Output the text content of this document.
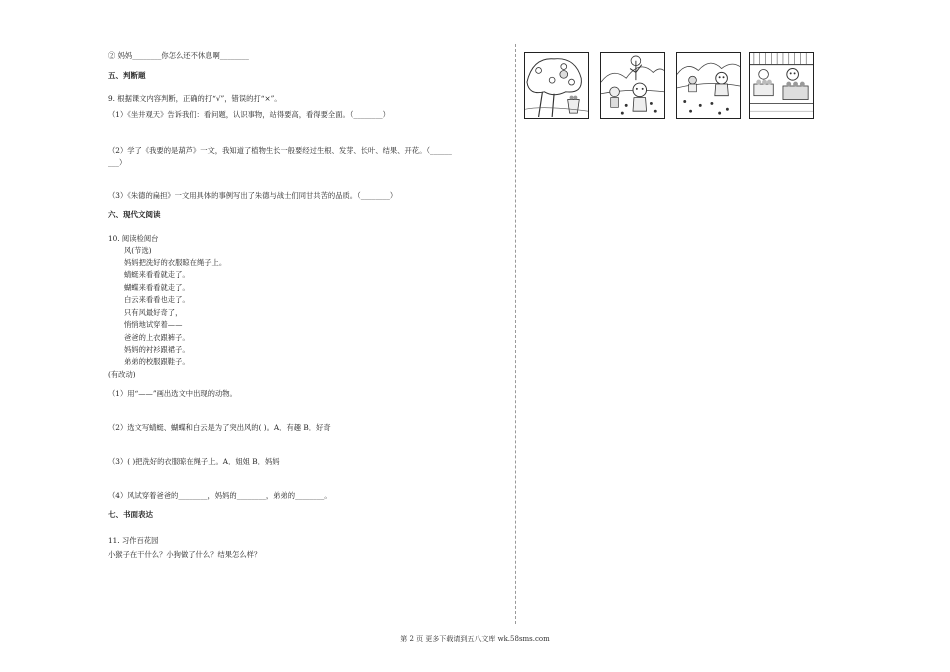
② 妈妈________你怎么还不休息啊________
五、判断题
9. 根据课文内容判断，正确的打“√”，错误的打“×”。
（1）《坐井观天》告诉我们：看问题，认识事物，站得要高，看得要全面。（________）
（2）学了《我要的是葫芦》一文，我知道了植物生长一般要经过生根、发芽、长叶、结果、开花。（______
___）
（3）《朱德的扁担》一文用具体的事例写出了朱德与战士们同甘共苦的品质。（________）
六、现代文阅读
10. 阅读检阅台
风(节选)
妈妈把洗好的衣服晾在绳子上。
蜻蜓来看看就走了。
蝴蝶来看看就走了。
白云来看看也走了。
只有风最好奇了，
悄悄地试穿着——
爸爸的上衣跟裤子。
妈妈的衬衫跟裙子。
弟弟的校服跟鞋子。
(有改动)
（1）用“——”画出选文中出现的动物。
（2）选文写蜻蜓、蝴蝶和白云是为了突出风的( )。A．有趣 B．好奇
（3）( )把洗好的衣服晾在绳子上。A．姐姐 B．妈妈
（4）风试穿着爸爸的________，妈妈的________，弟弟的________。
七、书面表达
11. 习作百花园
小猴子在干什么？小狗做了什么？结果怎么样？
第 2 页 更多下载请到五八文库 wk.58sms.com
